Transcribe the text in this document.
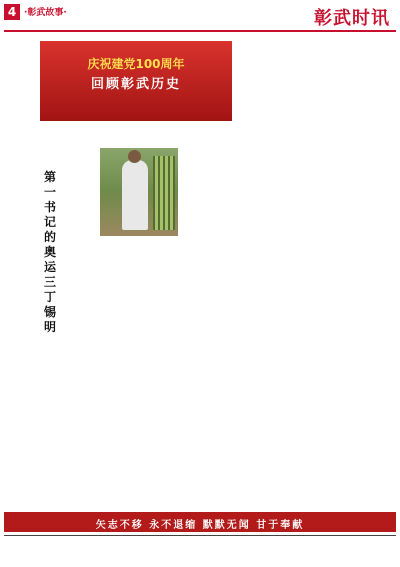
4 ·彰武故事·	彰武时讯
庆祝建党100周年
回顾彰武历史
第一书记的奥运三丁锡明
矢志不移 永不退缩 默默无闻 甘于奉献
